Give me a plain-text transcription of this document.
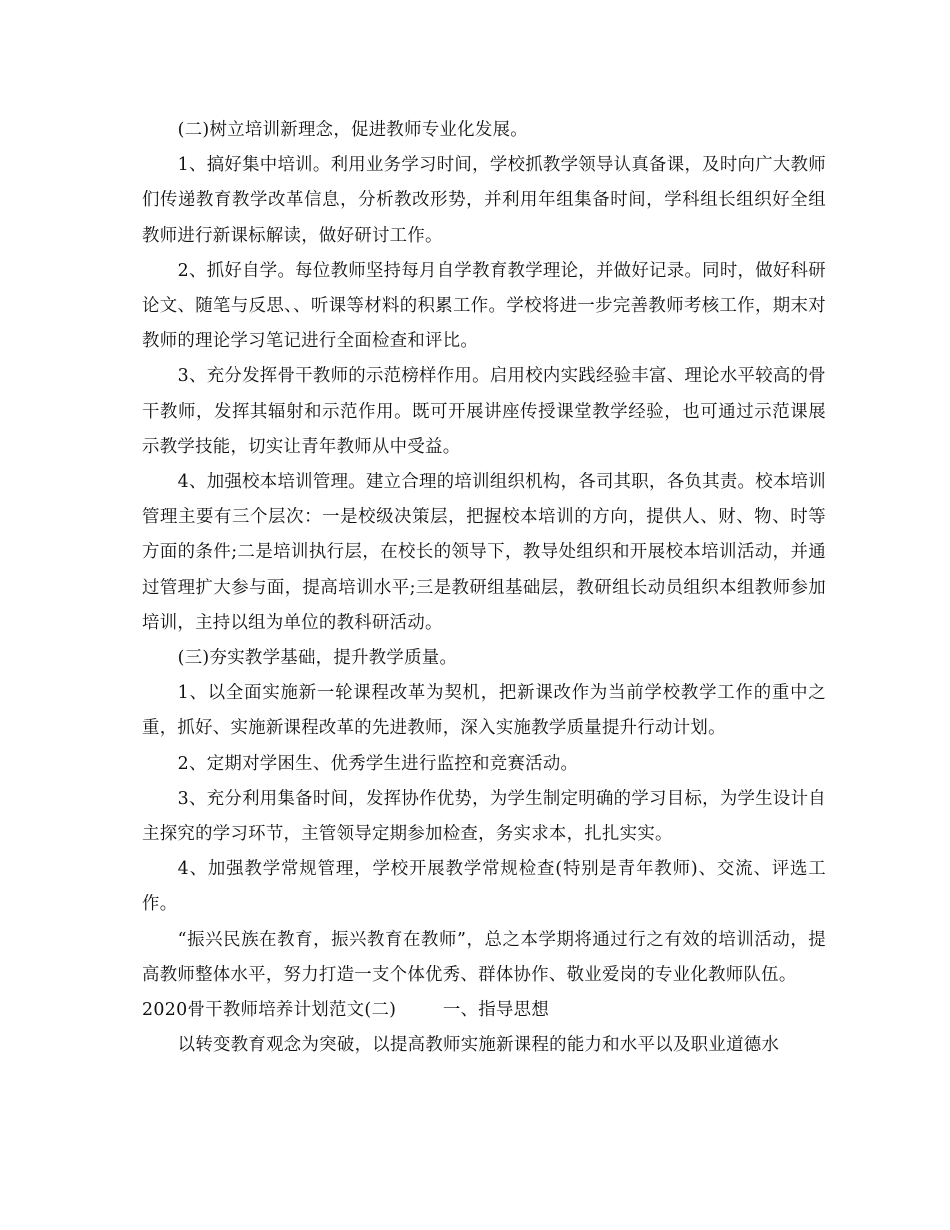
(二)树立培训新理念，促进教师专业化发展。

1、搞好集中培训。利用业务学习时间，学校抓教学领导认真备课，及时向广大教师们传递教育教学改革信息，分析教改形势，并利用年组集备时间，学科组长组织好全组教师进行新课标解读，做好研讨工作。

2、抓好自学。每位教师坚持每月自学教育教学理论，并做好记录。同时，做好科研论文、随笔与反思、、听课等材料的积累工作。学校将进一步完善教师考核工作，期末对教师的理论学习笔记进行全面检查和评比。

3、充分发挥骨干教师的示范榜样作用。启用校内实践经验丰富、理论水平较高的骨干教师，发挥其辐射和示范作用。既可开展讲座传授课堂教学经验，也可通过示范课展示教学技能，切实让青年教师从中受益。

4、加强校本培训管理。建立合理的培训组织机构，各司其职，各负其责。校本培训管理主要有三个层次：一是校级决策层，把握校本培训的方向，提供人、财、物、时等方面的条件;二是培训执行层，在校长的领导下，教导处组织和开展校本培训活动，并通过管理扩大参与面，提高培训水平;三是教研组基础层，教研组长动员组织本组教师参加培训，主持以组为单位的教科研活动。

(三)夯实教学基础，提升教学质量。

1、以全面实施新一轮课程改革为契机，把新课改作为当前学校教学工作的重中之重，抓好、实施新课程改革的先进教师，深入实施教学质量提升行动计划。

2、定期对学困生、优秀学生进行监控和竞赛活动。

3、充分利用集备时间，发挥协作优势，为学生制定明确的学习目标，为学生设计自主探究的学习环节，主管领导定期参加检查，务实求本，扎扎实实。

4、加强教学常规管理，学校开展教学常规检查(特别是青年教师)、交流、评选工作。

“振兴民族在教育，振兴教育在教师”，总之本学期将通过行之有效的培训活动，提高教师整体水平，努力打造一支个体优秀、群体协作、敬业爱岗的专业化教师队伍。

2020骨干教师培养计划范文(二)	一、指导思想

以转变教育观念为突破，以提高教师实施新课程的能力和水平以及职业道德水
